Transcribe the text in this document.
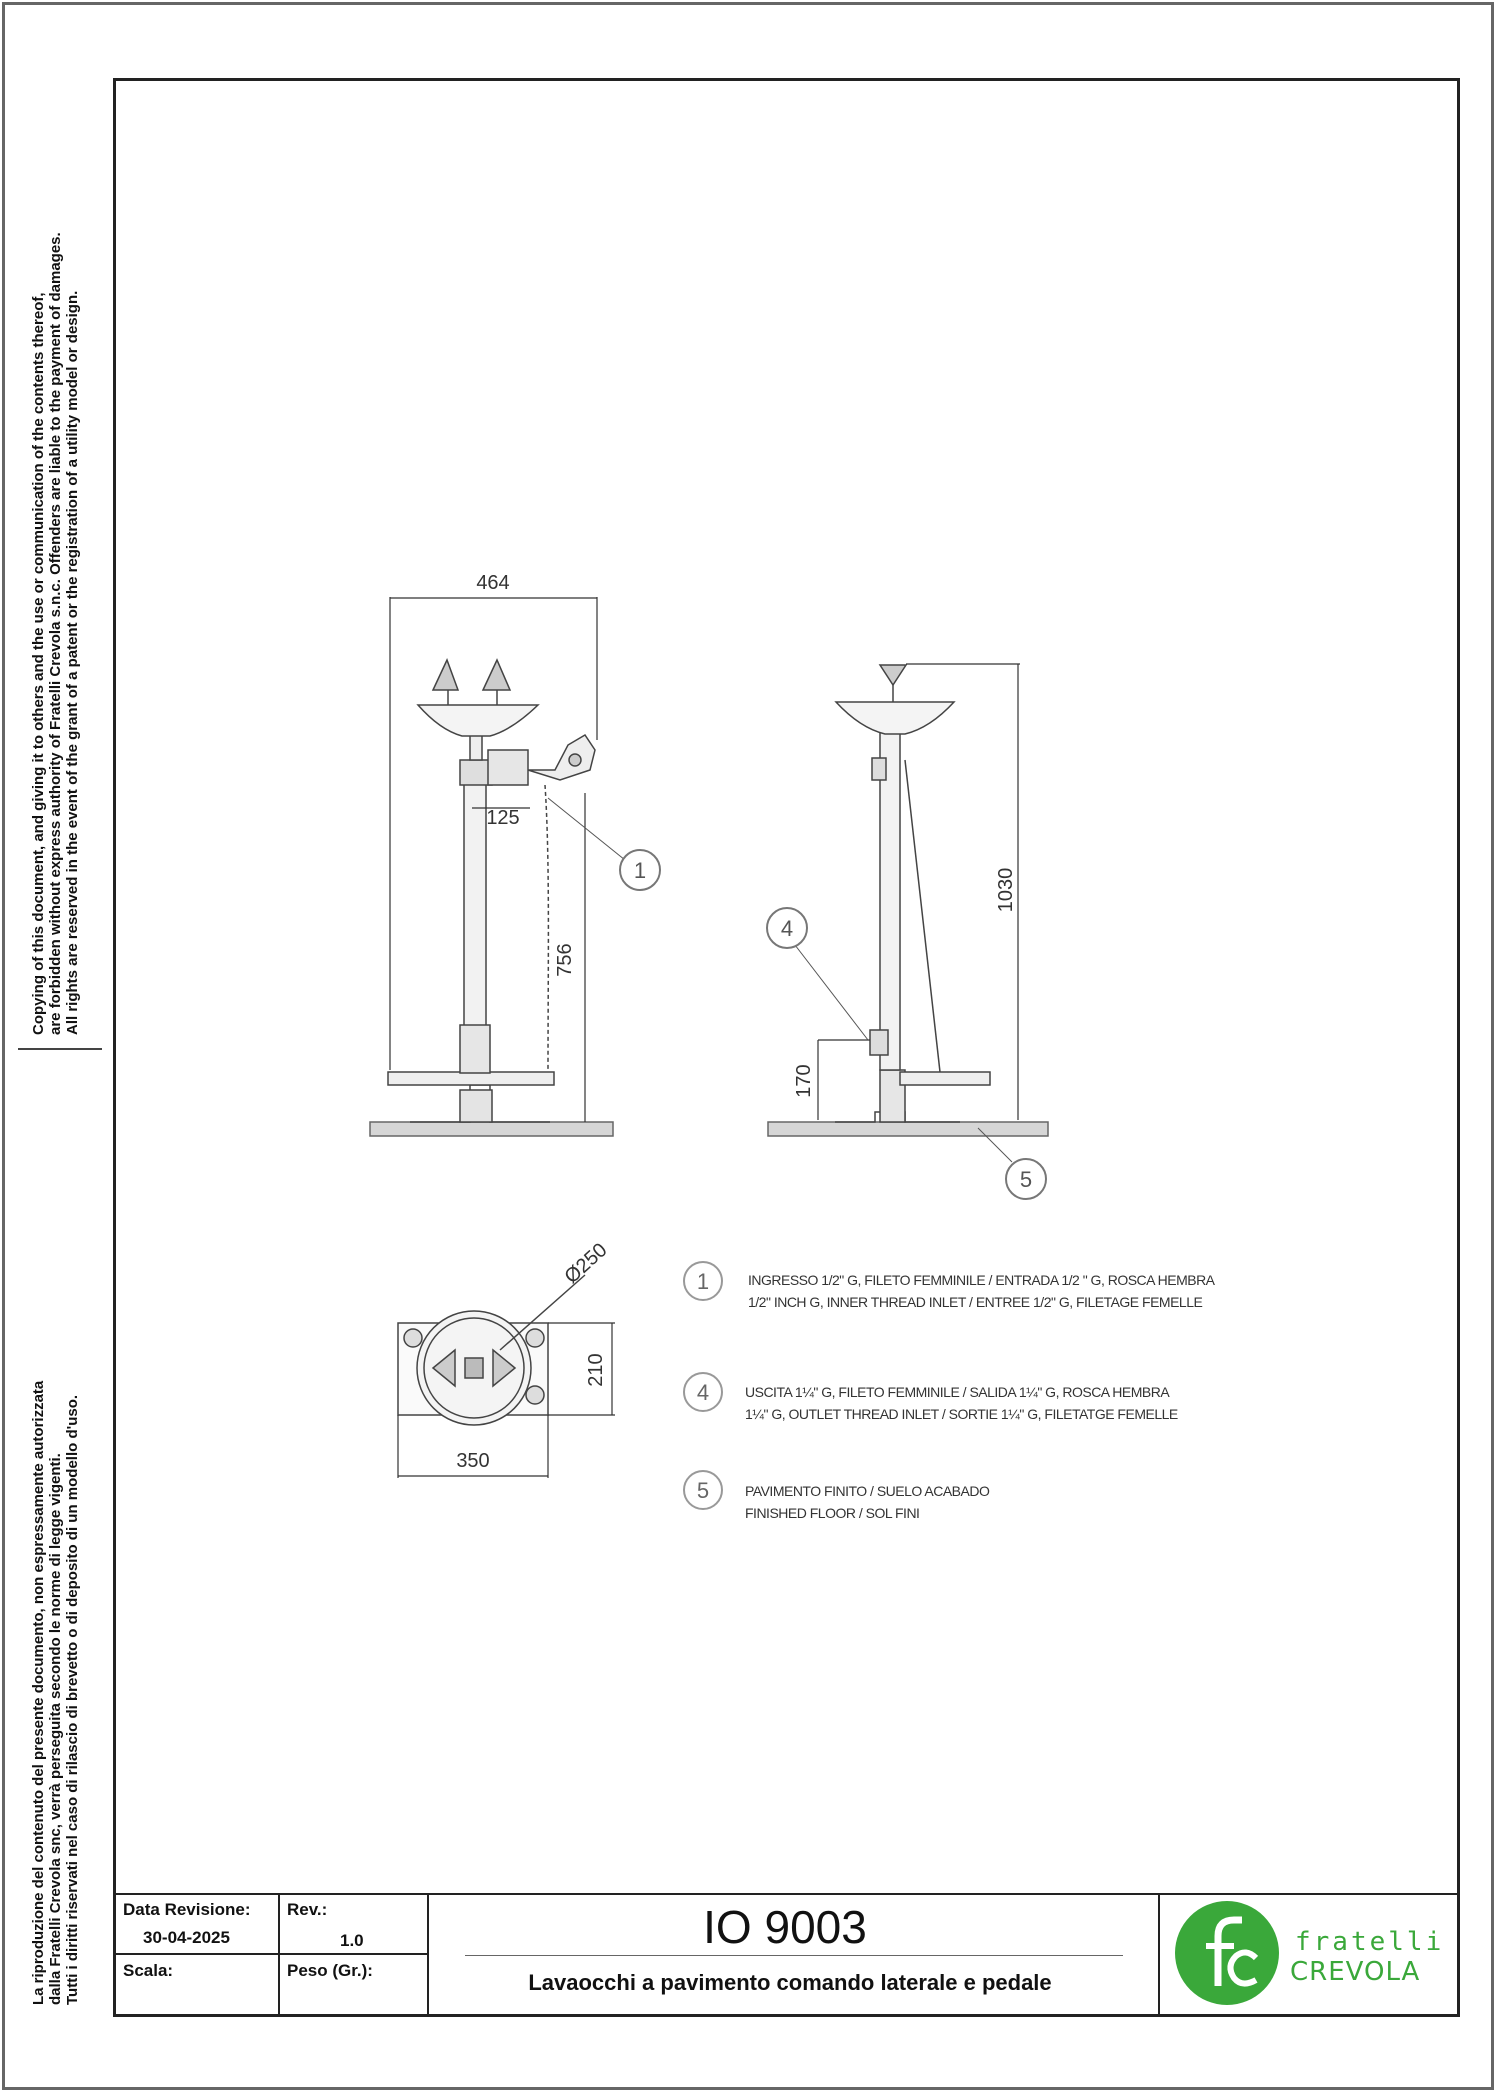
Copying of this document, and giving it to others and the use or communication of the contents thereof, are forbidden without express authority of Fratelli Crevola s.n.c. Offenders are liable to the payment of damages. All rights are reserved in the event of the grant of a patent or the registration of a utility model or design.
La riproduzione del contenuto del presente documento, non espressamente autorizzata dalla Fratelli Crevola snc, verrà perseguita secondo le norme di legge vigenti. Tutti i diritti riservati nel caso di rilascio di brevetto o di deposito di un modello d'uso.
464
125
756
1	1030
170
4
5
Ø250
210
350
1
4
5
INGRESSO 1/2" G, FILETO FEMMINILE / ENTRADA 1/2 " G, ROSCA HEMBRA
1/2" INCH G, INNER THREAD INLET / ENTREE 1/2" G, FILETAGE FEMELLE
USCITA 1¼" G, FILETO FEMMINILE / SALIDA 1¼" G, ROSCA HEMBRA
1¼" G, OUTLET THREAD INLET / SORTIE 1¼" G, FILETATGE FEMELLE
PAVIMENTO FINITO / SUELO ACABADO
FINISHED FLOOR / SOL FINI
Data Revisione:
30-04-2025
Rev.:
1.0
Scala:	Peso (Gr.):
IO 9003
Lavaocchi a pavimento comando laterale e pedale
fratelli
CREVOLA
